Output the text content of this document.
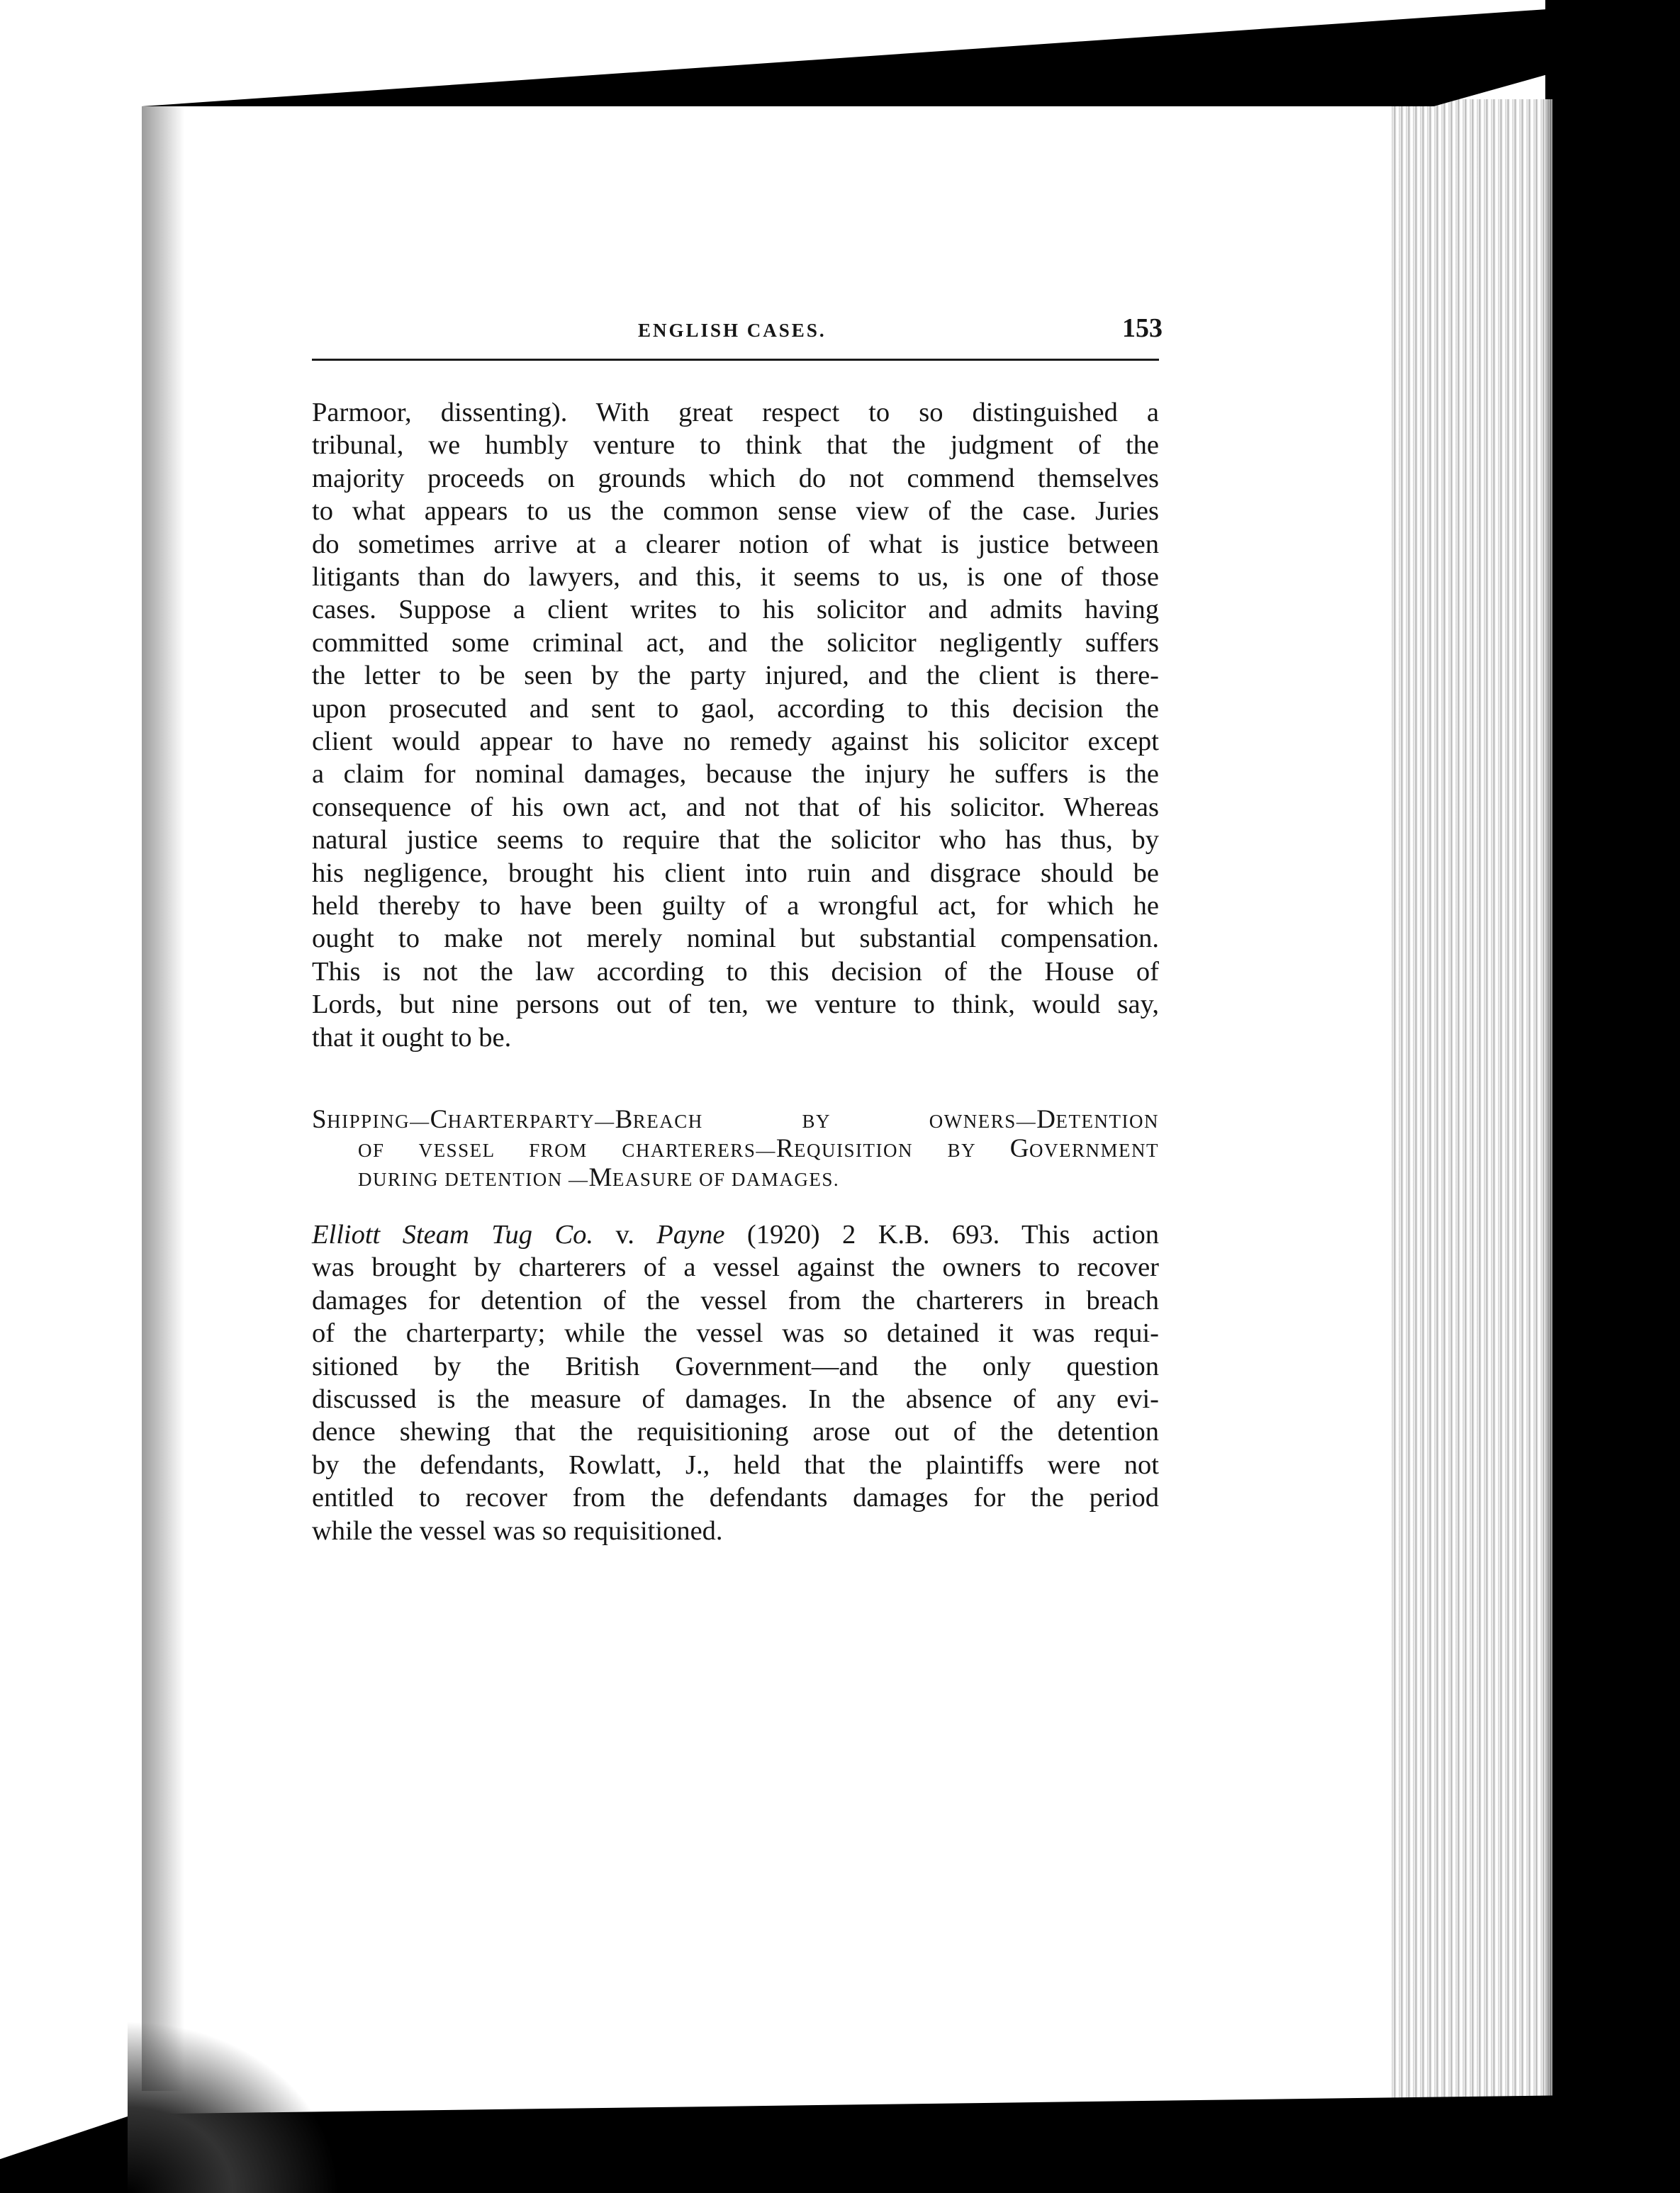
ENGLISH CASES.	153
Parmoor, dissenting). With great respect to so distinguished a
tribunal, we humbly venture to think that the judgment of the
majority proceeds on grounds which do not commend themselves
to what appears to us the common sense view of the case. Juries
do sometimes arrive at a clearer notion of what is justice between
litigants than do lawyers, and this, it seems to us, is one of those
cases. Suppose a client writes to his solicitor and admits having
committed some criminal act, and the solicitor negligently suffers
the letter to be seen by the party injured, and the client is there-
upon prosecuted and sent to gaol, according to this decision the
client would appear to have no remedy against his solicitor except
a claim for nominal damages, because the injury he suffers is the
consequence of his own act, and not that of his solicitor. Whereas
natural justice seems to require that the solicitor who has thus, by
his negligence, brought his client into ruin and disgrace should be
held thereby to have been guilty of a wrongful act, for which he
ought to make not merely nominal but substantial compensation.
This is not the law according to this decision of the House of
Lords, but nine persons out of ten, we venture to think, would say,
that it ought to be.
SHIPPING—CHARTERPARTY—BREACH BY OWNERS—DETENTION
OF VESSEL FROM CHARTERERS—REQUISITION BY GOVERNMENT
DURING DETENTION —MEASURE OF DAMAGES.
Elliott Steam Tug Co. v. Payne (1920) 2 K.B. 693. This action
was brought by charterers of a vessel against the owners to recover
damages for detention of the vessel from the charterers in breach
of the charterparty; while the vessel was so detained it was requi-
sitioned by the British Government—and the only question
discussed is the measure of damages. In the absence of any evi-
dence shewing that the requisitioning arose out of the detention
by the defendants, Rowlatt, J., held that the plaintiffs were not
entitled to recover from the defendants damages for the period
while the vessel was so requisitioned.
